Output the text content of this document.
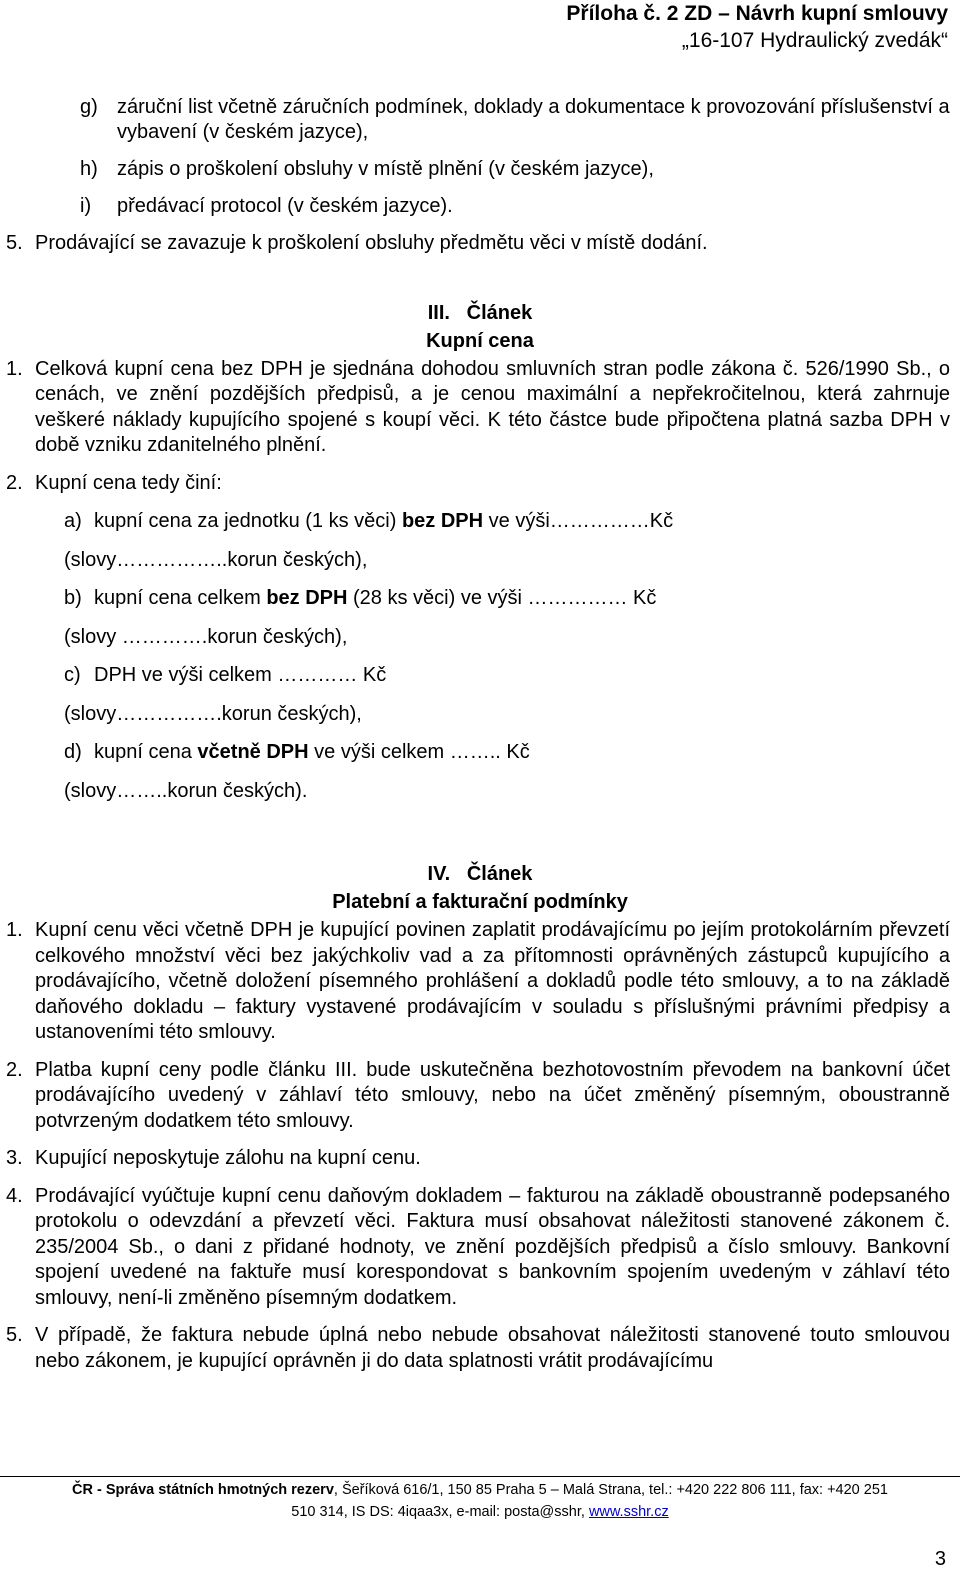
Příloha č. 2 ZD – Návrh kupní smlouvy
„16-107 Hydraulický zvedák“

g) záruční list včetně záručních podmínek, doklady a dokumentace k provozování příslušenství a vybavení (v českém jazyce),

h) zápis o proškolení obsluhy v místě plnění (v českém jazyce),

i)	předávací protocol (v českém jazyce).

5. Prodávající se zavazuje k proškolení obsluhy předmětu věci v místě dodání.

III. Článek

Kupní cena

1. Celková kupní cena bez DPH je sjednána dohodou smluvních stran podle zákona č. 526/1990 Sb., o cenách, ve znění pozdějších předpisů, a je cenou maximální a nepřekročitelnou, která zahrnuje veškeré náklady kupujícího spojené s koupí věci. K této částce bude připočtena platná sazba DPH v době vzniku zdanitelného plnění.

2. Kupní cena tedy činí:

a) kupní cena za jednotku (1 ks věci) bez DPH ve výši……………Kč

(slovy……………..korun českých),

b) kupní cena celkem bez DPH (28 ks věci) ve výši …………… Kč

(slovy ………….korun českých),

c) DPH ve výši celkem ………… Kč

(slovy…………….korun českých),

d) kupní cena včetně DPH ve výši celkem …….. Kč

(slovy……..korun českých).

IV. Článek

Platební a fakturační podmínky

1. Kupní cenu věci včetně DPH je kupující povinen zaplatit prodávajícímu po jejím protokolárním převzetí celkového množství věci bez jakýchkoliv vad a za přítomnosti oprávněných zástupců kupujícího a prodávajícího, včetně doložení písemného prohlášení a dokladů podle této smlouvy, a to na základě daňového dokladu – faktury vystavené prodávajícím v souladu s příslušnými právními předpisy a ustanoveními této smlouvy.

2. Platba kupní ceny podle článku III. bude uskutečněna bezhotovostním převodem na bankovní účet prodávajícího uvedený v záhlaví této smlouvy, nebo na účet změněný písemným, oboustranně potvrzeným dodatkem této smlouvy.

3. Kupující neposkytuje zálohu na kupní cenu.

4. Prodávající vyúčtuje kupní cenu daňovým dokladem – fakturou na základě oboustranně podepsaného protokolu o odevzdání a převzetí věci. Faktura musí obsahovat náležitosti stanovené zákonem č. 235/2004 Sb., o dani z přidané hodnoty, ve znění pozdějších předpisů a číslo smlouvy. Bankovní spojení uvedené na faktuře musí korespondovat s bankovním spojením uvedeným v záhlaví této smlouvy, není-li změněno písemným dodatkem.

5. V případě, že faktura nebude úplná nebo nebude obsahovat náležitosti stanovené touto smlouvou nebo zákonem, je kupující oprávněn ji do data splatnosti vrátit prodávajícímu

ČR - Správa státních hmotných rezerv, Šeříková 616/1, 150 85 Praha 5 – Malá Strana, tel.: +420 222 806 111, fax: +420 251
510 314, IS DS: 4iqaa3x, e-mail: posta@sshr, www.sshr.cz
3
